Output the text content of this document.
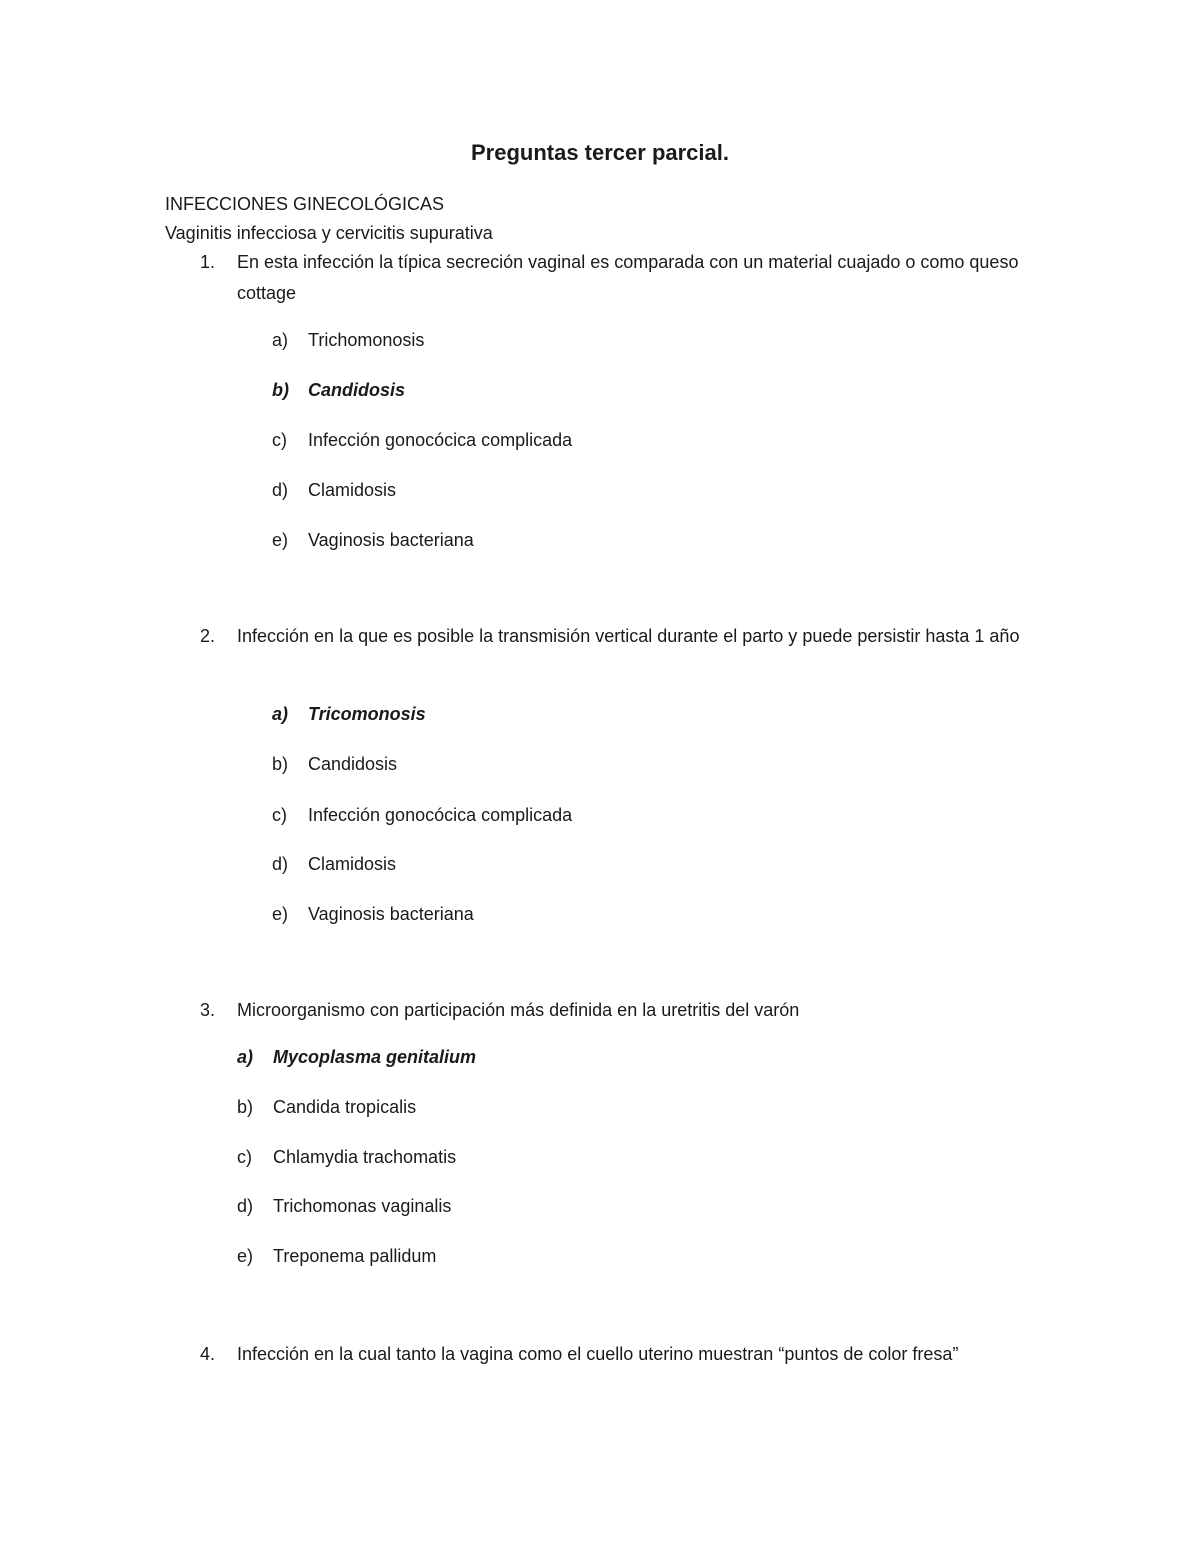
Preguntas tercer parcial.
INFECCIONES GINECOLÓGICAS
Vaginitis infecciosa y cervicitis supurativa
1. En esta infección la típica secreción vaginal es comparada con un material cuajado o como queso cottage
a) Trichomonosis
b) Candidosis
c) Infección gonocócica complicada
d) Clamidosis
e) Vaginosis bacteriana
2. Infección en la que es posible la transmisión vertical durante el parto y puede persistir hasta 1 año
a) Tricomonosis
b) Candidosis
c) Infección gonocócica complicada
d) Clamidosis
e) Vaginosis bacteriana
3. Microorganismo con participación más definida en la uretritis del varón
a) Mycoplasma genitalium
b) Candida tropicalis
c) Chlamydia trachomatis
d) Trichomonas vaginalis
e) Treponema pallidum
4. Infección en la cual tanto la vagina como el cuello uterino muestran “puntos de color fresa”
